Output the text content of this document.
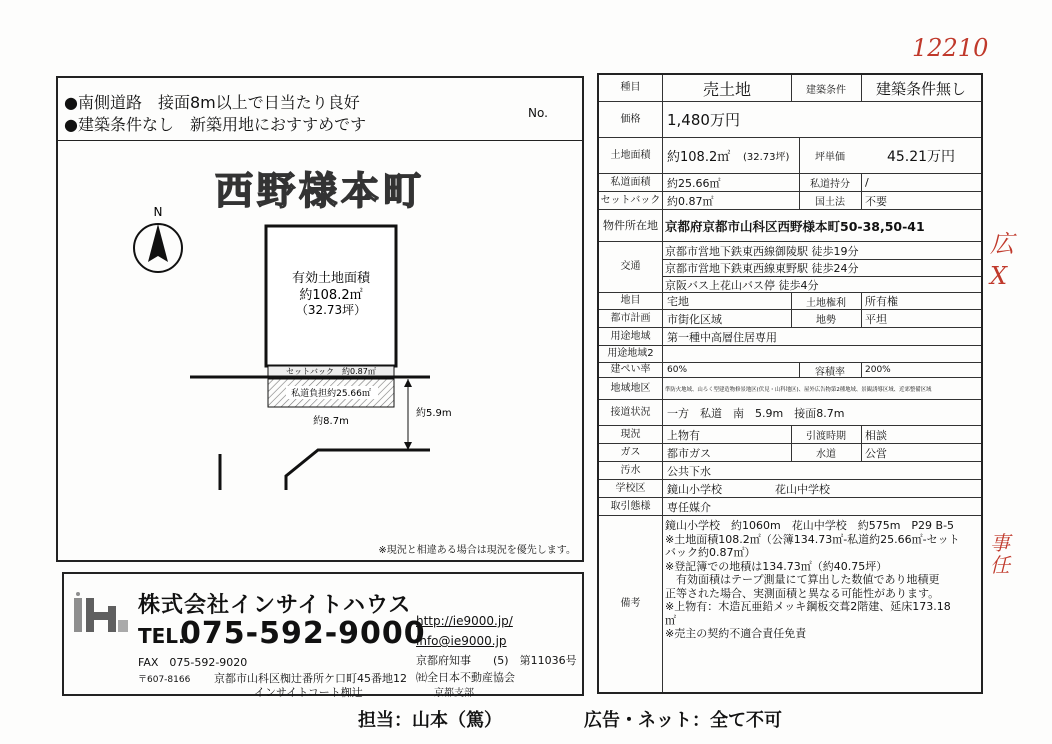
12210
広 X
事任
●南側道路　接面8m以上で日当たり良好
●建築条件なし　新築用地におすすめです
No.
西野様本町
N
有効土地面積
約108.2㎡
（32.73坪）
セットバック　約0.87㎡
私道負担約25.66㎡
約8.7m
約5.9m
※現況と相違ある場合は現況を優先します。
株式会社インサイトハウス
TEL.
075-592-9000
FAX　075-592-9020
〒607-8166 京都市山科区椥辻番所ケ口町45番地12
インサイトコート椥辻
http://ie9000.jp/
info@ie9000.jp
京都府知事　　(5)　第11036号
㈳全日本不動産協会
京都支部
担当：山本（篤）	広告・ネット：全て不可
種目	売土地	建築条件	建築条件無し
価格	1,480万円
土地面積	約108.2㎡ (32.73坪)	坪単価	45.21万円
私道面積	約25.66㎡	私道持分	/
セットバック 約0.87㎡	国土法	不要
物件所在地 京都府京都市山科区西野様本町50-38,50-41
交通
京都市営地下鉄東西線御陵駅 徒歩19分
京都市営地下鉄東西線東野駅 徒歩24分
京阪バス上花山バス停 徒歩4分
地目	宅地	土地権利	所有権
都市計画	市街化区域	地勢	平坦
用途地域	第一種中高層住居専用
用途地域2
建ぺい率	60%	容積率	200%
地域地区	準防火地域、山ろく型建造物修景地区(伏見・山科地区)、屋外広告物第2種地域、景観誘導区域、近郊整備区域
接道状況	一方　私道　南　5.9m　接面8.7m
現況	上物有	引渡時期	相談
ガス	都市ガス	水道	公営
汚水	公共下水
学校区	鏡山小学校	花山中学校
取引態様	専任媒介
備考
鏡山小学校　約1060m　花山中学校　約575m　P29 B-5
※土地面積108.2㎡（公簿134.73㎡-私道約25.66㎡-セット
バック約0.87㎡）
※登記簿での地積は134.73㎡（約40.75坪）
　有効面積はテープ測量にて算出した数値であり地積更
正等された場合、実測面積と異なる可能性があります。
※上物有：木造瓦亜鉛メッキ鋼板交葺2階建、延床173.18
㎡
※売主の契約不適合責任免責
